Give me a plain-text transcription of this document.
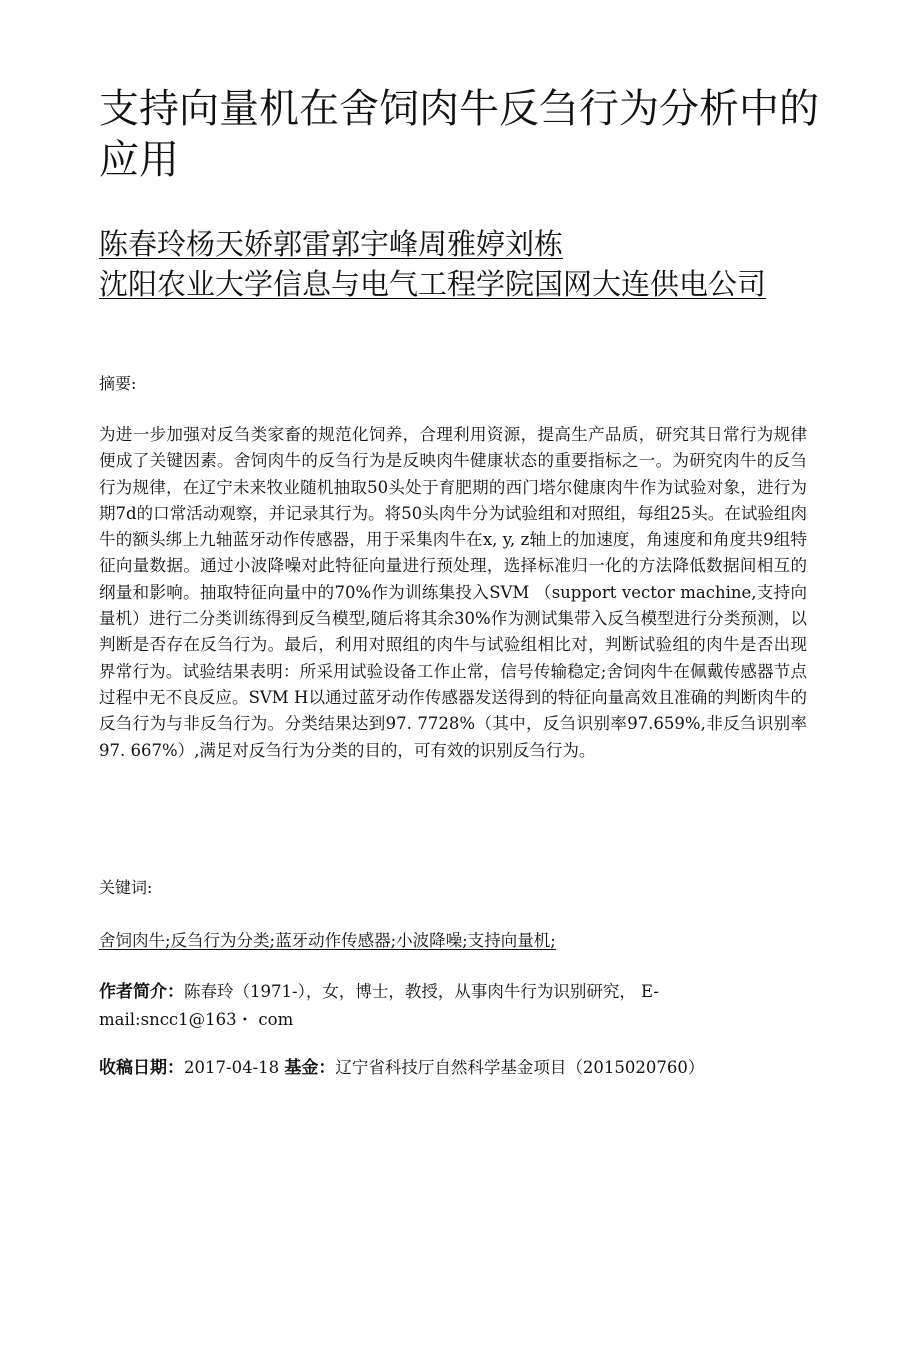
支持向量机在舍饲肉牛反刍行为分析中的应用
陈春玲杨天娇郭雷郭宇峰周雅婷刘栋
沈阳农业大学信息与电气工程学院国网大连供电公司
摘要:
为进一步加强对反刍类家畜的规范化饲养，合理利用资源，提高生产品质，研究其日常行为规律便成了关键因素。舍饲肉牛的反刍行为是反映肉牛健康状态的重要指标之一。为研究肉牛的反刍行为规律，在辽宁未来牧业随机抽取50头处于育肥期的西门塔尔健康肉牛作为试验对象，进行为期7d的口常活动观察，并记录其行为。将50头肉牛分为试验组和对照组，每组25头。在试验组肉牛的额头绑上九轴蓝牙动作传感器，用于采集肉牛在x, y, z轴上的加速度，角速度和角度共9组特征向量数据。通过小波降噪对此特征向量进行预处理，选择标准归一化的方法降低数据间相互的纲量和影响。抽取特征向量中的70%作为训练集投入SVM （support vector machine,支持向量机）进行二分类训练得到反刍模型,随后将其余30%作为测试集带入反刍模型进行分类预测，以判断是否存在反刍行为。最后，利用对照组的肉牛与试验组相比对，判断试验组的肉牛是否出现界常行为。试验结果表明：所采用试验设备工作止常，信号传输稳定;舍饲肉牛在佩戴传感器节点过程中无不良反应。SVM H以通过蓝牙动作传感器发送得到的特征向量高效且准确的判断肉牛的反刍行为与非反刍行为。分类结果达到97. 7728%（其中，反刍识别率97.659%,非反刍识别率97. 667%）,满足对反刍行为分类的目的，可有效的识别反刍行为。
关键词:
舍饲肉牛;反刍行为分类;蓝牙动作传感器;小波降噪;支持向量机;
作者简介：陈春玲（1971-），女，博士，教授，从事肉牛行为识别研究， E-mail:sncc1@163・ com
收稿日期：2017-04-18 基金：辽宁省科技厅自然科学基金项目（2015020760）
